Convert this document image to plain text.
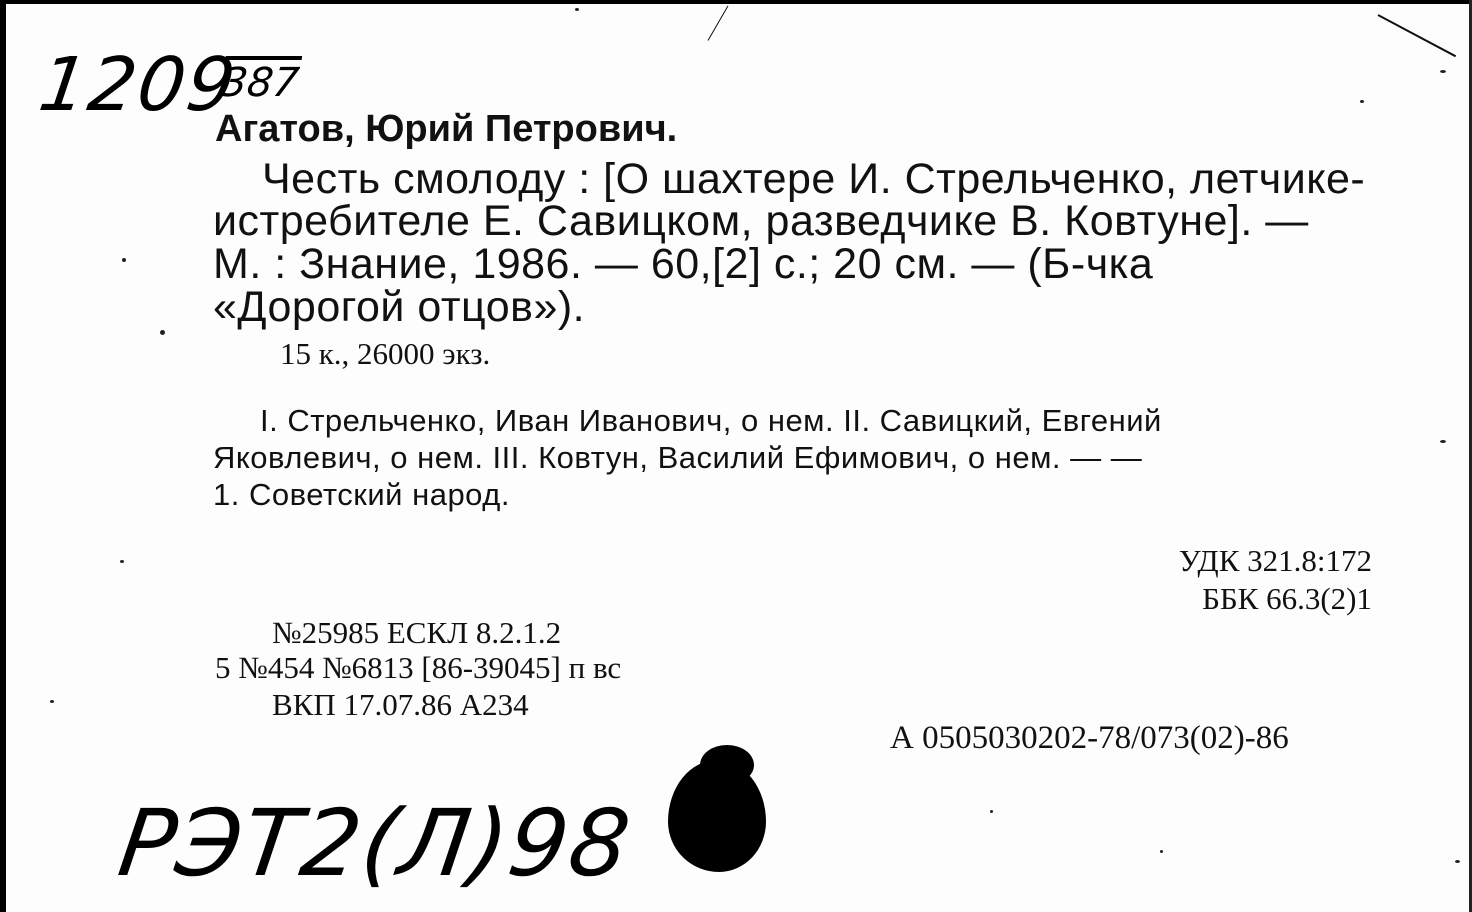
1209
387
Агатов, Юрий Петрович.
Честь смолоду : [О шахтере И. Стрельченко, летчике-
истребителе Е. Савицком, разведчике В. Ковтуне]. —
М. : Знание, 1986. — 60,[2] с.; 20 см. — (Б-чка
«Дорогой отцов»).
15 к., 26000 экз.
I. Стрельченко, Иван Иванович, о нем. II. Савицкий, Евгений
Яковлевич, о нем. III. Ковтун, Василий Ефимович, о нем. — —
1. Советский народ.
УДК 321.8:172
ББК 66.3(2)1
№25985 ЕСКЛ 8.2.1.2
5 №454 №6813 [86-39045] п вс
ВКП 17.07.86 А234
А 0505030202-78/073(02)-86
РЭТ2(Л)98
